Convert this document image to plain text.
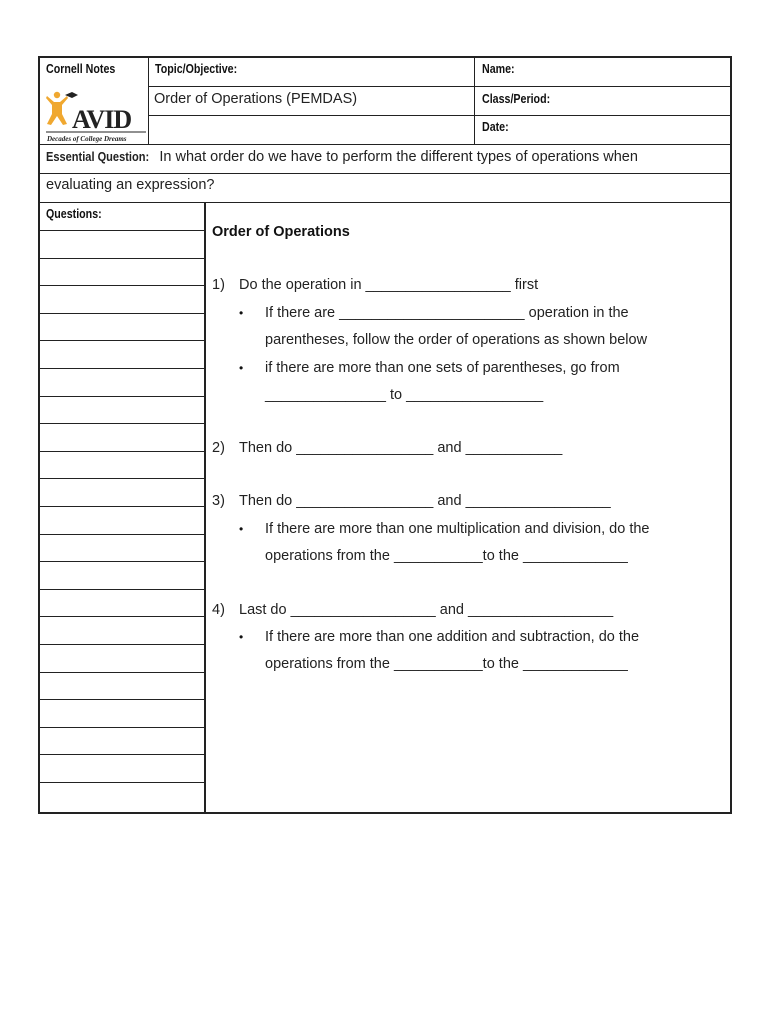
Cornell Notes	Topic/Objective:
Order of Operations (PEMDAS)
Name:
Class/Period:
Date:
AVID
Decades of College Dreams
Essential Question: In what order do we have to perform the different types of operations when
evaluating an expression?
Questions:
Order of Operations
1) Do the operation in __________________ first
• If there are _______________________ operation in the
parentheses, follow the order of operations as shown below
• if there are more than one sets of parentheses, go from
_______________ to _________________
2) Then do _________________ and ____________
3) Then do _________________ and __________________
• If there are more than one multiplication and division, do the
operations from the ___________to the _____________
4) Last do __________________ and __________________
• If there are more than one addition and subtraction, do the
operations from the ___________to the _____________
